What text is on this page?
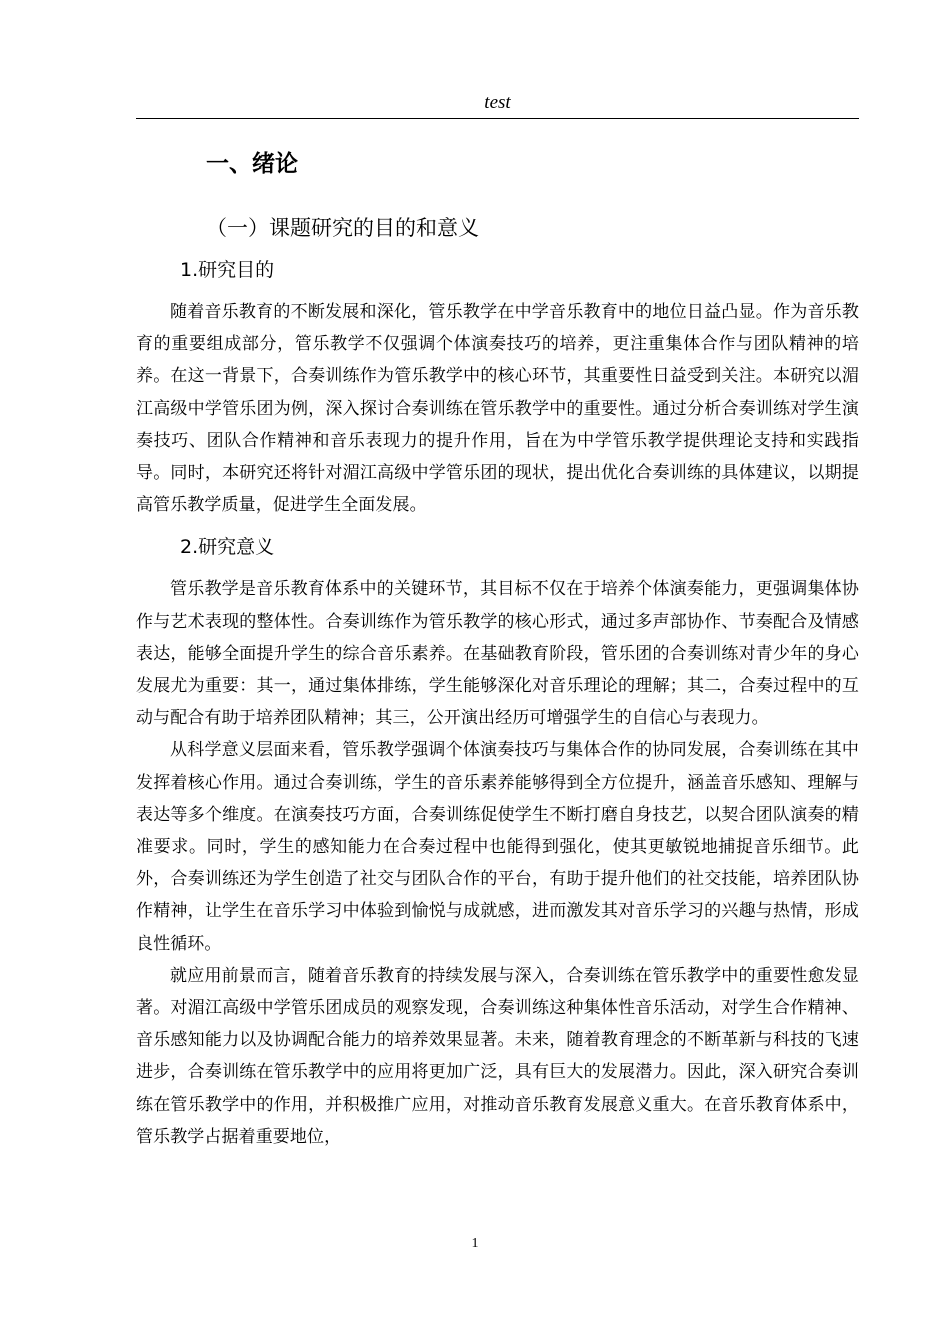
test
一、绪论
（一）课题研究的目的和意义
1.研究目的

随着音乐教育的不断发展和深化，管乐教学在中学音乐教育中的地位日益凸显。作为音乐教育的重要组成部分，管乐教学不仅强调个体演奏技巧的培养，更注重集体合作与团队精神的培养。在这一背景下，合奏训练作为管乐教学中的核心环节，其重要性日益受到关注。本研究以湄江高级中学管乐团为例，深入探讨合奏训练在管乐教学中的重要性。通过分析合奏训练对学生演奏技巧、团队合作精神和音乐表现力的提升作用，旨在为中学管乐教学提供理论支持和实践指导。同时，本研究还将针对湄江高级中学管乐团的现状，提出优化合奏训练的具体建议，以期提高管乐教学质量，促进学生全面发展。

2.研究意义

管乐教学是音乐教育体系中的关键环节，其目标不仅在于培养个体演奏能力，更强调集体协作与艺术表现的整体性。合奏训练作为管乐教学的核心形式，通过多声部协作、节奏配合及情感表达，能够全面提升学生的综合音乐素养。在基础教育阶段，管乐团的合奏训练对青少年的身心发展尤为重要：其一，通过集体排练，学生能够深化对音乐理论的理解；其二，合奏过程中的互动与配合有助于培养团队精神；其三，公开演出经历可增强学生的自信心与表现力。

从科学意义层面来看，管乐教学强调个体演奏技巧与集体合作的协同发展，合奏训练在其中发挥着核心作用。通过合奏训练，学生的音乐素养能够得到全方位提升，涵盖音乐感知、理解与表达等多个维度。在演奏技巧方面，合奏训练促使学生不断打磨自身技艺，以契合团队演奏的精准要求。同时，学生的感知能力在合奏过程中也能得到强化，使其更敏锐地捕捉音乐细节。此外，合奏训练还为学生创造了社交与团队合作的平台，有助于提升他们的社交技能，培养团队协作精神，让学生在音乐学习中体验到愉悦与成就感，进而激发其对音乐学习的兴趣与热情，形成良性循环。

就应用前景而言，随着音乐教育的持续发展与深入，合奏训练在管乐教学中的重要性愈发显著。对湄江高级中学管乐团成员的观察发现，合奏训练这种集体性音乐活动，对学生合作精神、音乐感知能力以及协调配合能力的培养效果显著。未来，随着教育理念的不断革新与科技的飞速进步，合奏训练在管乐教学中的应用将更加广泛，具有巨大的发展潜力。因此，深入研究合奏训练在管乐教学中的作用，并积极推广应用，对推动音乐教育发展意义重大。在音乐教育体系中，管乐教学占据着重要地位，

1
